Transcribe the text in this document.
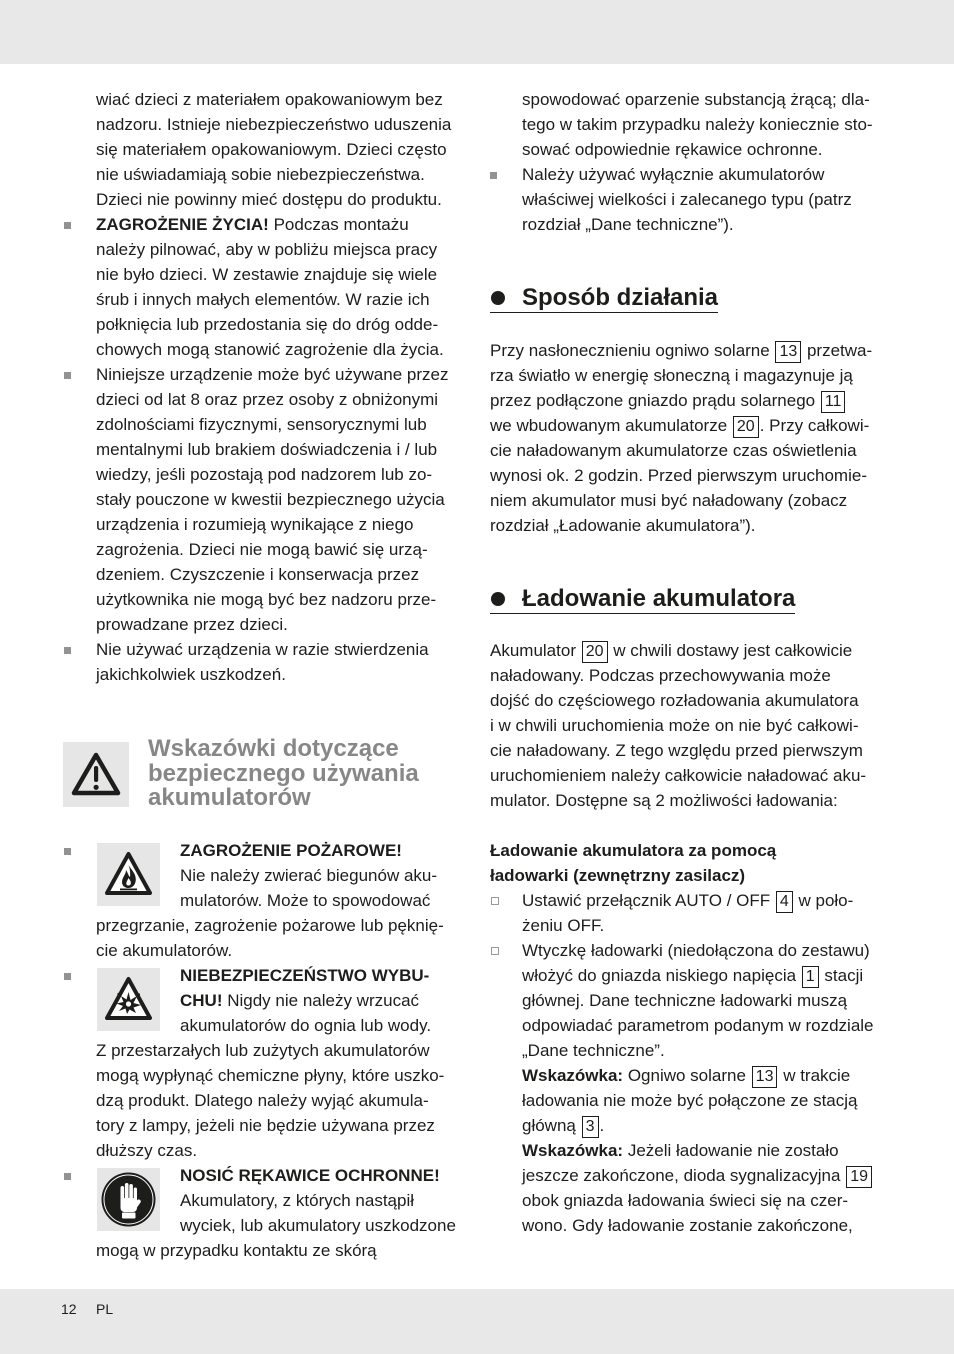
wiać dzieci z materiałem opakowaniowym bez
nadzoru. Istnieje niebezpieczeństwo uduszenia
się materiałem opakowaniowym. Dzieci często
nie uświadamiają sobie niebezpieczeństwa.
Dzieci nie powinny mieć dostępu do produktu.
ZAGROŻENIE ŻYCIA! Podczas montażu
należy pilnować, aby w pobliżu miejsca pracy
nie było dzieci. W zestawie znajduje się wiele
śrub i innych małych elementów. W razie ich
połknięcia lub przedostania się do dróg odde-
chowych mogą stanowić zagrożenie dla życia.
Niniejsze urządzenie może być używane przez
dzieci od lat 8 oraz przez osoby z obniżonymi
zdolnościami fizycznymi, sensorycznymi lub
mentalnymi lub brakiem doświadczenia i / lub
wiedzy, jeśli pozostają pod nadzorem lub zo-
stały pouczone w kwestii bezpiecznego użycia
urządzenia i rozumieją wynikające z niego
zagrożenia. Dzieci nie mogą bawić się urzą-
dzeniem. Czyszczenie i konserwacja przez
użytkownika nie mogą być bez nadzoru prze-
prowadzane przez dzieci.
Nie używać urządzenia w razie stwierdzenia
jakichkolwiek uszkodzeń.
Wskazówki dotyczące
bezpiecznego używania
akumulatorów
ZAGROŻENIE POŻAROWE!
Nie należy zwierać biegunów aku-
mulatorów. Może to spowodować
przegrzanie, zagrożenie pożarowe lub pęknię-
cie akumulatorów.
NIEBEZPIECZEŃSTWO WYBU-
CHU! Nigdy nie należy wrzucać
akumulatorów do ognia lub wody.
Z przestarzałych lub zużytych akumulatorów
mogą wypłynąć chemiczne płyny, które uszko-
dzą produkt. Dlatego należy wyjąć akumula-
tory z lampy, jeżeli nie będzie używana przez
dłuższy czas.
NOSIĆ RĘKAWICE OCHRONNE!
Akumulatory, z których nastąpił
wyciek, lub akumulatory uszkodzone
mogą w przypadku kontaktu ze skórą
spowodować oparzenie substancją żrącą; dla-
tego w takim przypadku należy koniecznie sto-
sować odpowiednie rękawice ochronne.
Należy używać wyłącznie akumulatorów
właściwej wielkości i zalecanego typu (patrz
rozdział „Dane techniczne”).
Sposób działania
Przy nasłonecznieniu ogniwo solarne 13 przetwa-
rza światło w energię słoneczną i magazynuje ją
przez podłączone gniazdo prądu solarnego 11
we wbudowanym akumulatorze 20 . Przy całkowi-
cie naładowanym akumulatorze czas oświetlenia
wynosi ok. 2 godzin. Przed pierwszym uruchomie-
niem akumulator musi być naładowany (zobacz
rozdział „Ładowanie akumulatora”).
Ładowanie akumulatora
Akumulator 20 w chwili dostawy jest całkowicie
naładowany. Podczas przechowywania może
dojść do częściowego rozładowania akumulatora
i w chwili uruchomienia może on nie być całkowi-
cie naładowany. Z tego względu przed pierwszym
uruchomieniem należy całkowicie naładować aku-
mulator. Dostępne są 2 możliwości ładowania:
Ładowanie akumulatora za pomocą
ładowarki (zewnętrzny zasilacz)
Ustawić przełącznik AUTO / OFF 4 w poło-
żeniu OFF.
Wtyczkę ładowarki (niedołączona do zestawu)
włożyć do gniazda niskiego napięcia 1 stacji
głównej. Dane techniczne ładowarki muszą
odpowiadać parametrom podanym w rozdziale
„Dane techniczne”.
Wskazówka: Ogniwo solarne 13 w trakcie
ładowania nie może być połączone ze stacją
główną 3 .
Wskazówka: Jeżeli ładowanie nie zostało
jeszcze zakończone, dioda sygnalizacyjna 19
obok gniazda ładowania świeci się na czer-
wono. Gdy ładowanie zostanie zakończone,
12 PL
